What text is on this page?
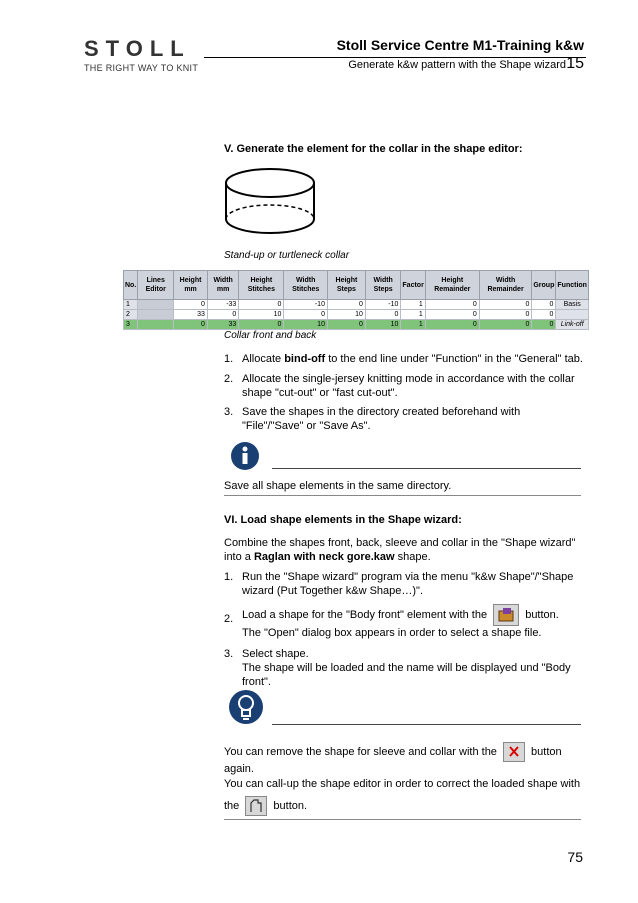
STOLL
THE RIGHT WAY TO KNIT
Stoll Service Centre M1-Training k&w
Generate k&w pattern with the Shape wizard 15
V. Generate the element for the collar in the shape editor:
Stand-up or turtleneck collar
No.	Lines Editor	Height mm	Width mm	Height Stitches	Width Stitches	Height Steps	Width Steps	Factor	Height Remainder	Width Remainder	Group	Function
1		0	-33	0	-10	0	-10	1	0	0	0	Basis
2		33	0	10	0	10	0	1	0	0	0	
3		0	33	0	10	0	10	1	0	0	0	Link-off
Collar front and back
1. Allocate bind-off to the end line under "Function" in the "General" tab.
2. Allocate the single-jersey knitting mode in accordance with the collar shape "cut-out" or "fast cut-out".
3. Save the shapes in the directory created beforehand with "File"/"Save" or "Save As".
Save all shape elements in the same directory.
VI. Load shape elements in the Shape wizard:
Combine the shapes front, back, sleeve and collar in the "Shape wizard" into a Raglan with neck gore.kaw shape.
1. Run the "Shape wizard" program via the menu "k&w Shape"/"Shape wizard (Put Together k&w Shape…)".
2. Load a shape for the "Body front" element with the	button.
The "Open" dialog box appears in order to select a shape file.
3. Select shape.
The shape will be loaded and the name will be displayed und "Body front".
You can remove the shape for sleeve and collar with the	button again.
You can call-up the shape editor in order to correct the loaded shape with
the	button.
75
